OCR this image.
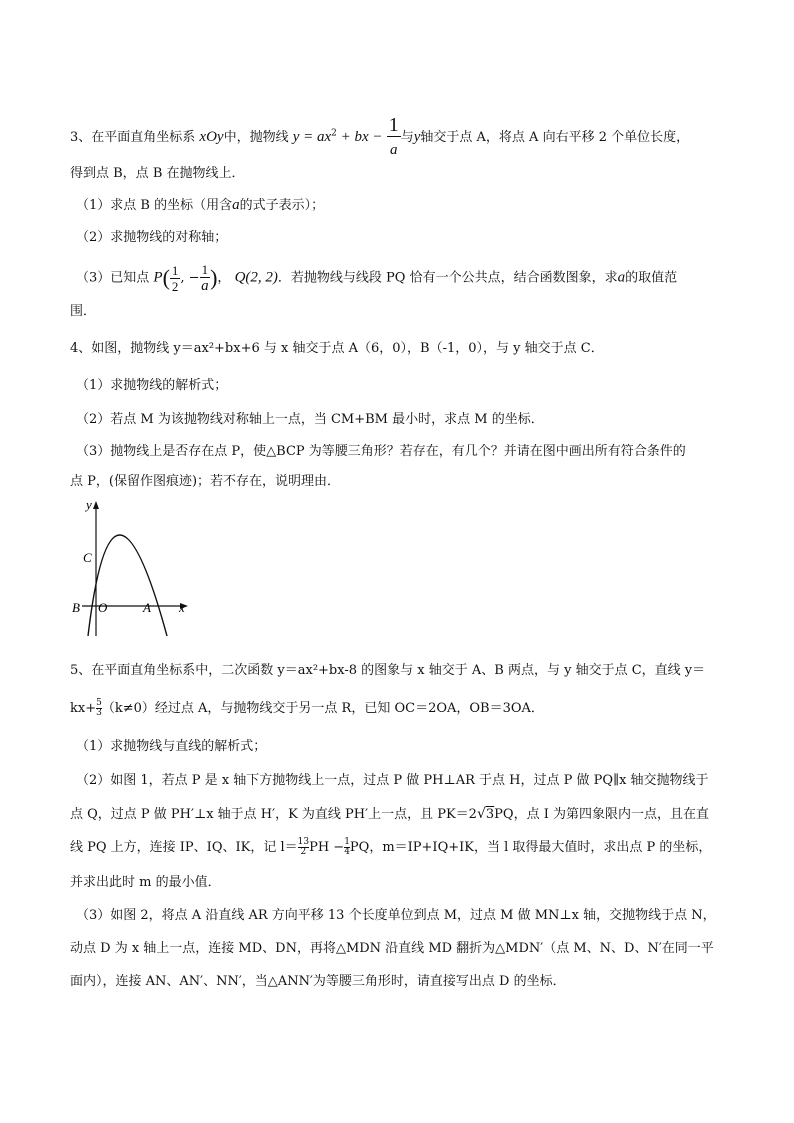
3、在平面直角坐标系 xOy中，抛物线 $y = ax^2$ + bx − $\frac{1}{a}$ 与y轴交于点 A，将点 A 向右平移 2 个单位长度，
得到点 B，点 B 在抛物线上．
（1）求点 B 的坐标（用含a的式子表示）；
（2）求抛物线的对称轴；
（3）已知点 $P( \frac{1}{2}$ , − $\frac{1}{a}$ )， Q(2, 2)．若抛物线与线段 PQ 恰有一个公共点，结合函数图象，求a的取值范
围．
4、如图，抛物线 y＝ax²+bx+6 与 x 轴交于点 A（6，0），B（-1，0），与 y 轴交于点 C．
（1）求抛物线的解析式；
（2）若点 M 为该抛物线对称轴上一点，当 CM+BM 最小时，求点 M 的坐标．
（3）抛物线上是否存在点 P，使△BCP 为等腰三角形？若存在，有几个？并请在图中画出所有符合条件的
点 P，(保留作图痕迹)；若不存在，说明理由．
y
x
C
B O	A
5、在平面直角坐标系中，二次函数 y＝ax²+bx-8 的图象与 x 轴交于 A、B 两点，与 y 轴交于点 C，直线 y＝
$kx+ \frac{5}{3} (k\ne 0)$经过点 A，与抛物线交于另一点 R，已知 OC＝2OA，OB＝3OA．
（1）求抛物线与直线的解析式；
（2）如图 1，若点 P 是 x 轴下方抛物线上一点，过点 P 做 PH⊥AR 于点 H，过点 P 做 PQ∥x 轴交抛物线于
点 Q，过点 P 做 PH′⊥x 轴于点 H′，K 为直线 PH′上一点，且 PK＝2√3PQ，点 I 为第四象限内一点，且在直
线 PQ 上方，连接 IP、IQ、IK，记 $l= \frac{13}{2}$ PH − $\frac{1}{4}$ PQ，m＝IP+IQ+IK，当 l 取得最大值时，求出点 P 的坐标，
并求出此时 m 的最小值．
（3）如图 2，将点 A 沿直线 AR 方向平移 13 个长度单位到点 M，过点 M 做 MN⊥x 轴，交抛物线于点 N，
动点 D 为 x 轴上一点，连接 MD、DN，再将△MDN 沿直线 MD 翻折为△MDN′（点 M、N、D、N′在同一平
面内），连接 AN、AN′、NN′，当△ANN′为等腰三角形时，请直接写出点 D 的坐标．
